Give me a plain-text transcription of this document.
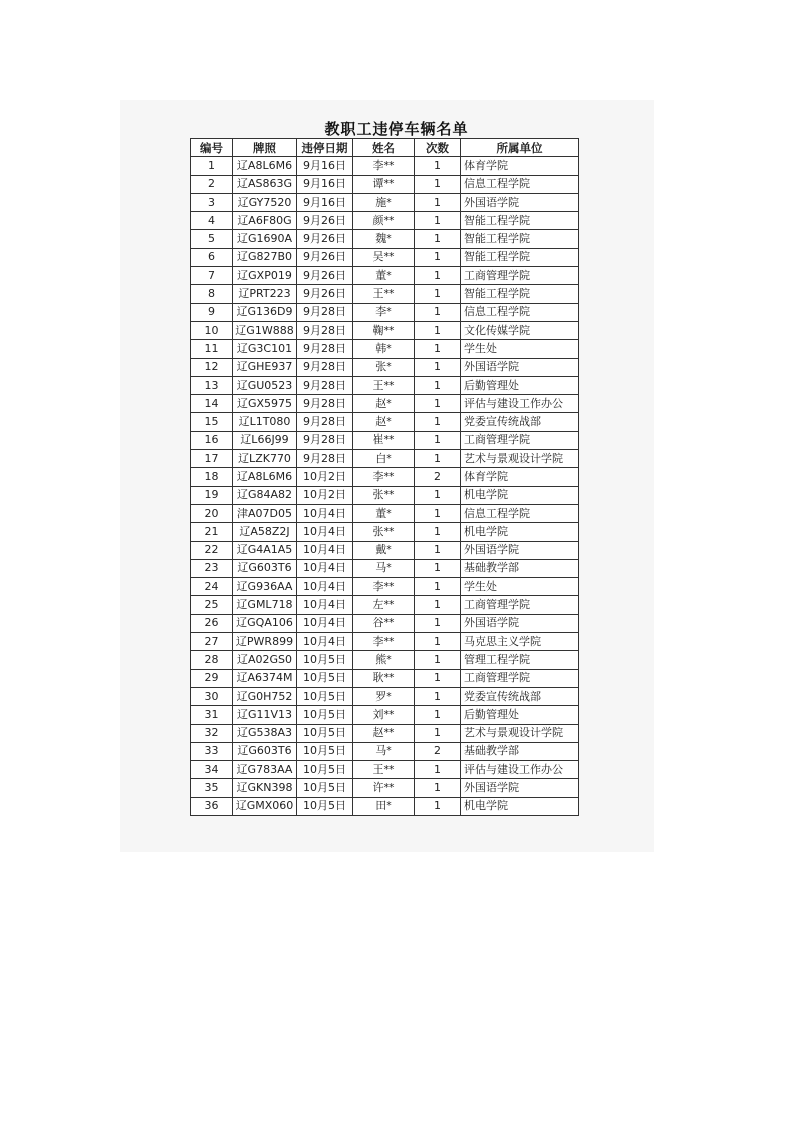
教职工违停车辆名单
编号	牌照	违停日期	姓名	次数	所属单位
1	辽A8L6M6	9月16日	李**	1	体育学院
2	辽AS863G	9月16日	谭**	1	信息工程学院
3	辽GY7520	9月16日	施*	1	外国语学院
4	辽A6F80G	9月26日	颜**	1	智能工程学院
5	辽G1690A	9月26日	魏*	1	智能工程学院
6	辽G827B0	9月26日	吴**	1	智能工程学院
7	辽GXP019	9月26日	董*	1	工商管理学院
8	辽PRT223	9月26日	王**	1	智能工程学院
9	辽G136D9	9月28日	李*	1	信息工程学院
10	辽G1W888	9月28日	鞠**	1	文化传媒学院
11	辽G3C101	9月28日	韩*	1	学生处
12	辽GHE937	9月28日	张*	1	外国语学院
13	辽GU0523	9月28日	王**	1	后勤管理处
14	辽GX5975	9月28日	赵*	1	评估与建设工作办公
15	辽L1T080	9月28日	赵*	1	党委宣传统战部
16	辽L66J99	9月28日	崔**	1	工商管理学院
17	辽LZK770	9月28日	白*	1	艺术与景观设计学院
18	辽A8L6M6	10月2日	李**	2	体育学院
19	辽G84A82	10月2日	张**	1	机电学院
20	津A07D05	10月4日	董*	1	信息工程学院
21	辽A58Z2J	10月4日	张**	1	机电学院
22	辽G4A1A5	10月4日	戴*	1	外国语学院
23	辽G603T6	10月4日	马*	1	基础教学部
24	辽G936AA	10月4日	李**	1	学生处
25	辽GML718	10月4日	左**	1	工商管理学院
26	辽GQA106	10月4日	谷**	1	外国语学院
27	辽PWR899	10月4日	李**	1	马克思主义学院
28	辽A02GS0	10月5日	熊*	1	管理工程学院
29	辽A6374M	10月5日	耿**	1	工商管理学院
30	辽G0H752	10月5日	罗*	1	党委宣传统战部
31	辽G11V13	10月5日	刘**	1	后勤管理处
32	辽G538A3	10月5日	赵**	1	艺术与景观设计学院
33	辽G603T6	10月5日	马*	2	基础教学部
34	辽G783AA	10月5日	王**	1	评估与建设工作办公
35	辽GKN398	10月5日	许**	1	外国语学院
36	辽GMX060	10月5日	田*	1	机电学院
